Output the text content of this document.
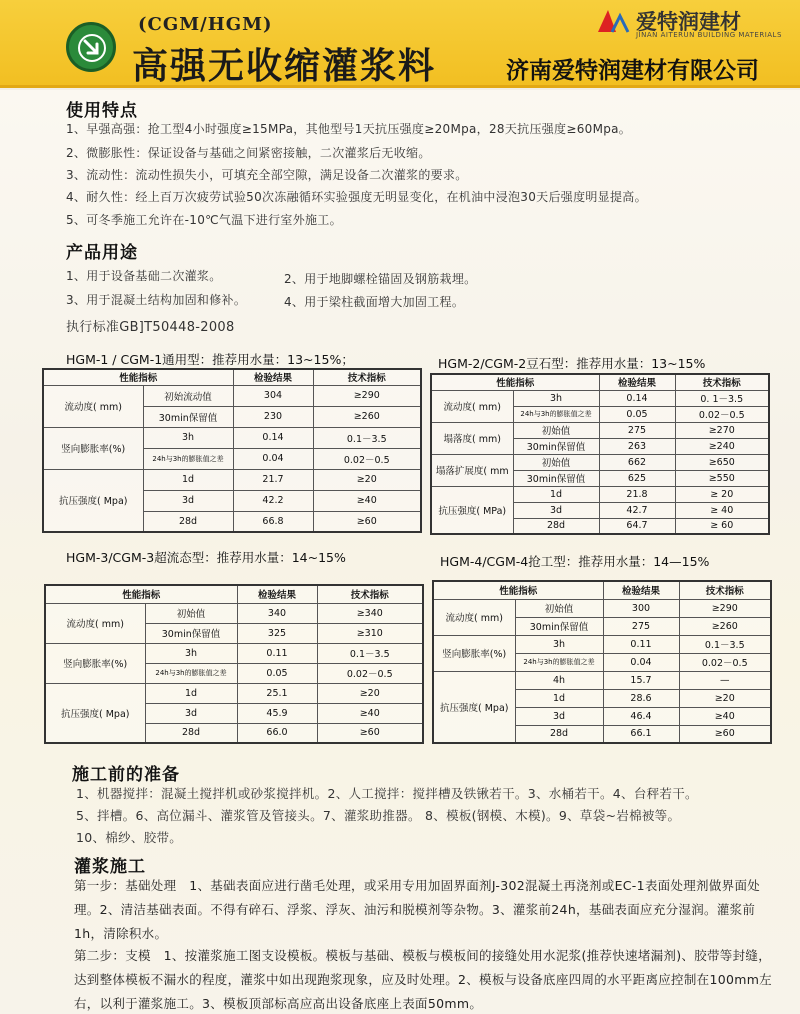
(CGM/HGM)
高强无收缩灌浆料
爱特润建材
JINAN AITERUN BUILDING MATERIALS
济南爱特润建材有限公司
使用特点
1、早强高强：抢工型4小时强度≥15MPa，其他型号1天抗压强度≥20Mpa，28天抗压强度≥60Mpa。
2、微膨胀性：保证设备与基础之间紧密接触，二次灌浆后无收缩。
3、流动性：流动性损失小，可填充全部空隙，满足设备二次灌浆的要求。
4、耐久性：经上百万次疲劳试验50次冻融循环实验强度无明显变化，在机油中浸泡30天后强度明显提高。
5、可冬季施工允许在-10℃气温下进行室外施工。
产品用途
1、用于设备基础二次灌浆。	2、用于地脚螺栓锚固及钢筋栽埋。
3、用于混凝土结构加固和修补。	4、用于梁柱截面增大加固工程。
执行标准GB]T50448-2008
HGM-1 / CGM-1通用型：推荐用水量：13~15%；
性能指标		检验结果	技术指标
流动度( mm)	初始流动值	304	≥290
	30min保留值	230	≥260
竖向膨胀率(%)	3h	0.14	0.1－3.5
	24h与3h的膨胀值之差	0.04	0.02－0.5
抗压强度( Mpa)	1d	21.7	≥20
	3d	42.2	≥40
	28d	66.8	≥60
HGM-2/CGM-2豆石型：推荐用水量：13~15%
性能指标		检验结果	技术指标
流动度( mm)	3h	0.14	0. 1－3.5
	24h与3h的膨胀值之差	0.05	0.02－0.5
塌落度( mm)	初始值	275	≥270
	30min保留值	263	≥240
塌落扩展度( mm	初始值	662	≥650
	30min保留值	625	≥550
抗压强度( MPa)	1d	21.8	≥ 20
	3d	42.7	≥ 40
	28d	64.7	≥ 60
HGM-3/CGM-3超流态型：推荐用水量：14~15%
性能指标		检验结果	技术指标
流动度( mm)	初始值	340	≥340
	30min保留值	325	≥310
竖向膨胀率(%)	3h	0.11	0.1－3.5
	24h与3h的膨胀值之差	0.05	0.02－0.5
抗压强度( Mpa)	1d	25.1	≥20
	3d	45.9	≥40
	28d	66.0	≥60
HGM-4/CGM-4抢工型：推荐用水量：14—15%
性能指标		检验结果	技术指标
流动度( mm)	初始值	300	≥290
	30min保留值	275	≥260
竖向膨胀率(%)	3h	0.11	0.1－3.5
	24h与3h的膨胀值之差	0.04	0.02－0.5
抗压强度( Mpa)	4h	15.7	—
	1d	28.6	≥20
	3d	46.4	≥40
	28d	66.1	≥60
施工前的准备
1、机器搅拌：混凝土搅拌机或砂浆搅拌机。2、人工搅拌：搅拌槽及铁锹若干。3、水桶若干。4、台秤若干。
5、拌槽。6、高位漏斗、灌浆管及管接头。7、灌浆助推器。 8、模板(钢模、木模)。9、草袋~岩棉被等。
10、棉纱、胶带。
灌浆施工
第一步：基础处理　1、基础表面应进行凿毛处理，或采用专用加固界面剂J-302混凝土再浇剂或EC-1表面处理剂做界面处理。2、清洁基础表面。不得有碎石、浮浆、浮灰、油污和脱模剂等杂物。3、灌浆前24h，基础表面应充分湿润。灌浆前1h，清除积水。
第二步：支模　1、按灌浆施工图支设模板。模板与基础、模板与模板间的接缝处用水泥浆(推荐快速堵漏剂)、胶带等封缝，达到整体模板不漏水的程度，灌浆中如出现跑浆现象，应及时处理。2、模板与设备底座四周的水平距离应控制在100mm左右，以利于灌浆施工。3、模板顶部标高应高出设备底座上表面50mm。
